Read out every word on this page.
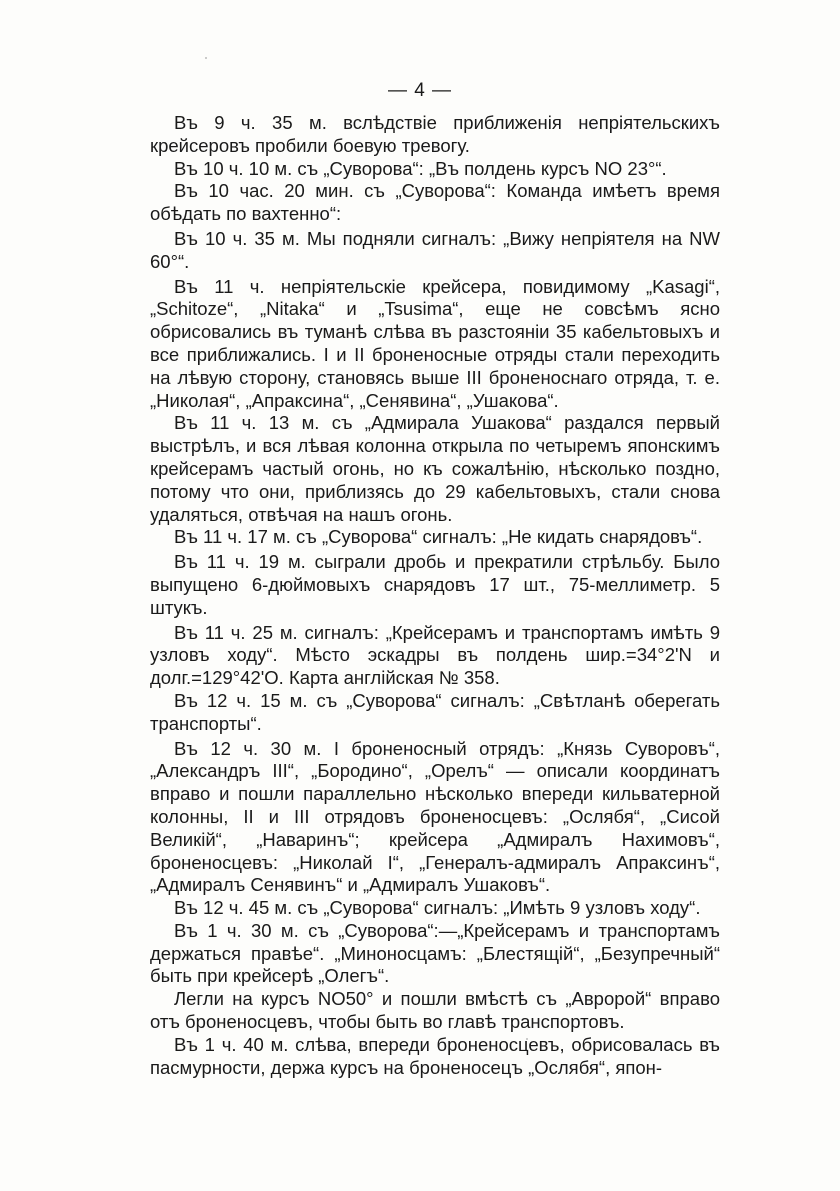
— 4 —

Въ 9 ч. 35 м. вслѣдствіе приближенія непріятельскихъ крейсеровъ пробили боевую тревогу.

Въ 10 ч. 10 м. съ „Суворова“: „Въ полдень курсъ NO 23°“.

Въ 10 час. 20 мин. съ „Суворова“: Команда имѣетъ время обѣдать по вахтенно“:

Въ 10 ч. 35 м. Мы подняли сигналъ: „Вижу непріятеля на NW 60°“.

Въ 11 ч. непріятельскіе крейсера, повидимому „Kasagi“, „Schitoze“, „Nitaka“ и „Tsusima“, еще не совсѣмъ ясно обрисовались въ туманѣ слѣва въ разстояніи 35 кабельтовыхъ и все приближались. I и II броненосные отряды стали переходить на лѣвую сторону, становясь выше III броненоснаго отряда, т. е. „Николая“, „Апраксина“, „Сенявина“, „Ушакова“.

Въ 11 ч. 13 м. съ „Адмирала Ушакова“ раздался первый выстрѣлъ, и вся лѣвая колонна открыла по четыремъ японскимъ крейсерамъ частый огонь, но къ сожалѣнію, нѣсколько поздно, потому что они, приблизясь до 29 кабельтовыхъ, стали снова удаляться, отвѣчая на нашъ огонь.

Въ 11 ч. 17 м. съ „Суворова“ сигналъ: „Не кидать снарядовъ“.

Въ 11 ч. 19 м. сыграли дробь и прекратили стрѣльбу. Было выпущено 6-дюймовыхъ снарядовъ 17 шт., 75-меллиметр. 5 штукъ.

Въ 11 ч. 25 м. сигналъ: „Крейсерамъ и транспортамъ имѣть 9 узловъ ходу“. Мѣсто эскадры въ полдень шир.=34°2'N и долг.=129°42'O. Карта англійская № 358.

Въ 12 ч. 15 м. съ „Суворова“ сигналъ: „Свѣтланѣ оберегать транспорты“.

Въ 12 ч. 30 м. I броненосный отрядъ: „Князь Суворовъ“, „Александръ III“, „Бородино“, „Орелъ“ — описали координатъ вправо и пошли параллельно нѣсколько впереди кильватерной колонны, II и III отрядовъ броненосцевъ: „Ослябя“, „Сисой Великій“, „Наваринъ“; крейсера „Адмиралъ Нахимовъ“, броненосцевъ: „Николай I“, „Генералъ-адмиралъ Апраксинъ“, „Адмиралъ Сенявинъ“ и „Адмиралъ Ушаковъ“.

Въ 12 ч. 45 м. съ „Суворова“ сигналъ: „Имѣть 9 узловъ ходу“.

Въ 1 ч. 30 м. съ „Суворова“:—„Крейсерамъ и транспортамъ держаться правѣе“. „Миноносцамъ: „Блестящій“, „Безупречный“ быть при крейсерѣ „Олегъ“.

Легли на курсъ NO50° и пошли вмѣстѣ съ „Авророй“ вправо отъ броненосцевъ, чтобы быть во главѣ транспортовъ.

Въ 1 ч. 40 м. слѣва, впереди броненосцевъ, обрисовалась въ пасмурности, держа курсъ на броненосецъ „Ослябя“, япон-
